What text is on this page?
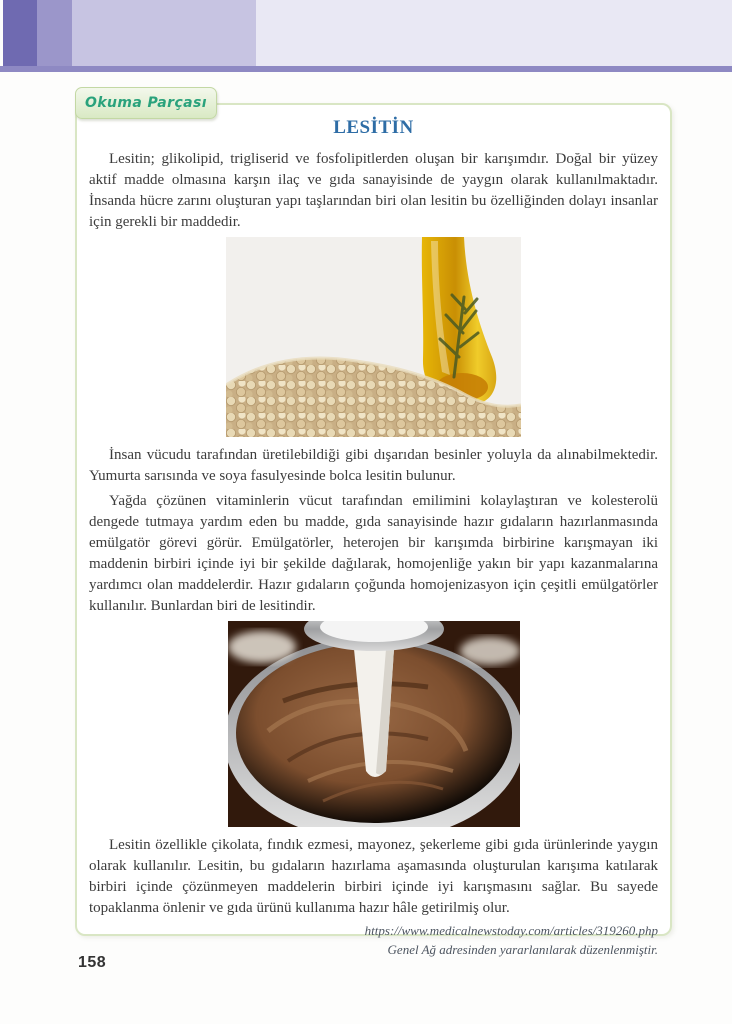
Okuma Parçası
LESİTİN

Lesitin; glikolipid, trigliserid ve fosfolipitlerden oluşan bir karışımdır. Doğal bir yüzey aktif madde olmasına karşın ilaç ve gıda sanayisinde de yaygın olarak kullanılmaktadır. İnsanda hücre zarını oluşturan yapı taşlarından biri olan lesitin bu özelliğinden dolayı insanlar için gerekli bir maddedir.

İnsan vücudu tarafından üretilebildiği gibi dışarıdan besinler yoluyla da alınabilmektedir. Yumurta sarısında ve soya fasulyesinde bolca lesitin bulunur.

Yağda çözünen vitaminlerin vücut tarafından emilimini kolaylaştıran ve kolesterolü dengede tutmaya yardım eden bu madde, gıda sanayisinde hazır gıdaların hazırlanmasında emülgatör görevi görür. Emülgatörler, heterojen bir karışımda birbirine karışmayan iki maddenin birbiri içinde iyi bir şekilde dağılarak, homojenliğe yakın bir yapı kazanmalarına yardımcı olan maddelerdir. Hazır gıdaların çoğunda homojenizasyon için çeşitli emülgatörler kullanılır. Bunlardan biri de lesitindir.

Lesitin özellikle çikolata, fındık ezmesi, mayonez, şekerleme gibi gıda ürünlerinde yaygın olarak kullanılır. Lesitin, bu gıdaların hazırlama aşamasında oluşturulan karışıma katılarak birbiri içinde çözünmeyen maddelerin birbiri içinde iyi karışmasını sağlar. Bu sayede topaklanma önlenir ve gıda ürünü kullanıma hazır hâle getirilmiş olur.

https://www.medicalnewstoday.com/articles/319260.php
Genel Ağ adresinden yararlanılarak düzenlenmiştir.
158
